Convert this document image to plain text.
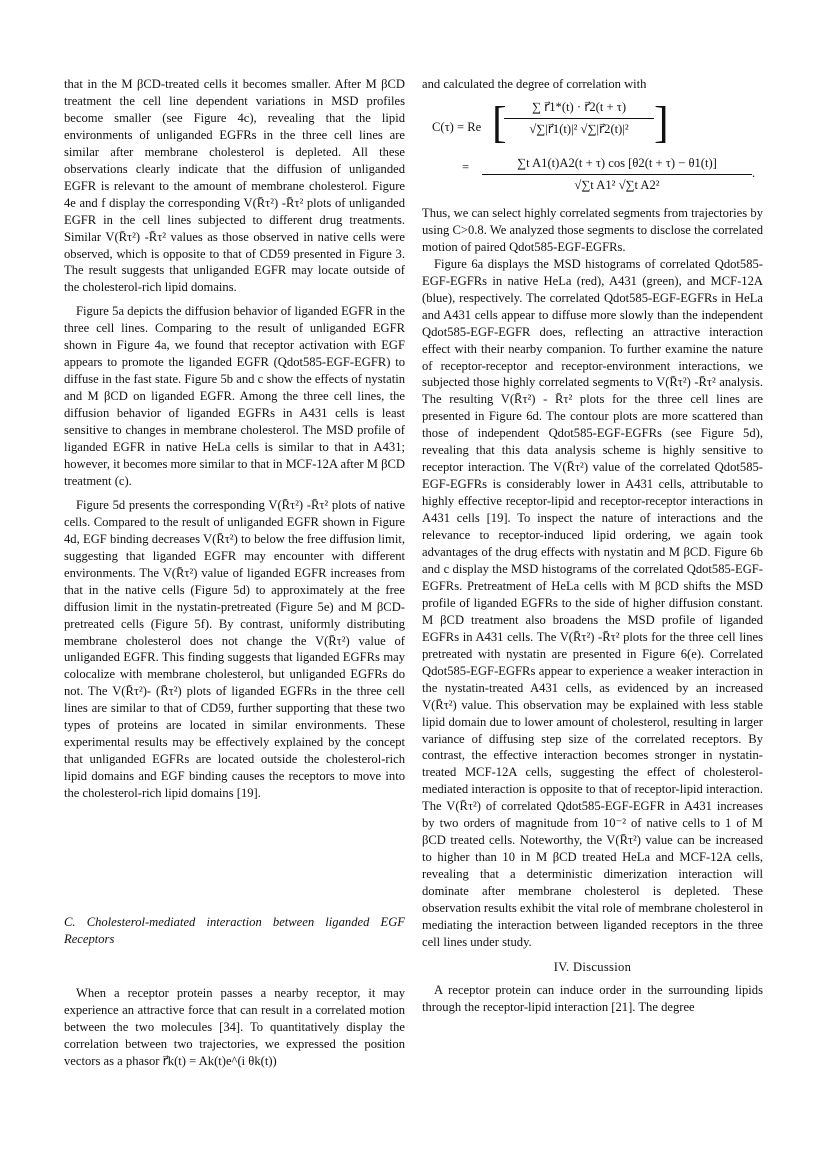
that in the M βCD-treated cells it becomes smaller. After M βCD treatment the cell line dependent variations in MSD profiles become smaller (see Figure 4c), revealing that the lipid environments of unliganded EGFRs in the three cell lines are similar after membrane cholesterol is depleted. All these observations clearly indicate that the diffusion of unliganded EGFR is relevant to the amount of membrane cholesterol. Figure 4e and f display the corresponding V(R̄τ²) -R̄τ² plots of unliganded EGFR in the cell lines subjected to different drug treatments. Similar V(R̄τ²) -R̄τ² values as those observed in native cells were observed, which is opposite to that of CD59 presented in Figure 3. The result suggests that unliganded EGFR may locate outside of the cholesterol-rich lipid domains.

Figure 5a depicts the diffusion behavior of liganded EGFR in the three cell lines. Comparing to the result of unliganded EGFR shown in Figure 4a, we found that receptor activation with EGF appears to promote the liganded EGFR (Qdot585-EGF-EGFR) to diffuse in the fast state. Figure 5b and c show the effects of nystatin and M βCD on liganded EGFR. Among the three cell lines, the diffusion behavior of liganded EGFRs in A431 cells is least sensitive to changes in membrane cholesterol. The MSD profile of liganded EGFR in native HeLa cells is similar to that in A431; however, it becomes more similar to that in MCF-12A after M βCD treatment (c).

Figure 5d presents the corresponding V(R̄τ²) -R̄τ² plots of native cells. Compared to the result of unliganded EGFR shown in Figure 4d, EGF binding decreases V(R̄τ²) to below the free diffusion limit, suggesting that liganded EGFR may encounter with different environments. The V(R̄τ²) value of liganded EGFR increases from that in the native cells (Figure 5d) to approximately at the free diffusion limit in the nystatin-pretreated (Figure 5e) and M βCD-pretreated cells (Figure 5f). By contrast, uniformly distributing membrane cholesterol does not change the V(R̄τ²) value of unliganded EGFR. This finding suggests that liganded EGFRs may colocalize with membrane cholesterol, but unliganded EGFRs do not. The V(R̄τ²)- (R̄τ²) plots of liganded EGFRs in the three cell lines are similar to that of CD59, further supporting that these two types of proteins are located in similar environments. These experimental results may be effectively explained by the concept that unliganded EGFRs are located outside the cholesterol-rich lipid domains and EGF binding causes the receptors to move into the cholesterol-rich lipid domains [19].

C. Cholesterol-mediated interaction between liganded EGF Receptors

When a receptor protein passes a nearby receptor, it may experience an attractive force that can result in a correlated motion between the two molecules [34]. To quantitatively display the correlation between two trajectories, we expressed the position vectors as a phasor r⃗k(t) = Ak(t)e^(i θk(t))

and calculated the degree of correlation with

C(τ) = Re [	∑ r⃗1*(t) · r⃗2(t + τ)
√∑|r⃗1(t)|² √∑|r⃗2(t)|² ]
=	∑t A1(t)A2(t + τ) cos [θ2(t + τ) − θ1(t)]
√∑t A1² √∑t A2²
.

Thus, we can select highly correlated segments from trajectories by using C>0.8. We analyzed those segments to disclose the correlated motion of paired Qdot585-EGF-EGFRs.

Figure 6a displays the MSD histograms of correlated Qdot585-EGF-EGFRs in native HeLa (red), A431 (green), and MCF-12A (blue), respectively. The correlated Qdot585-EGF-EGFRs in HeLa and A431 cells appear to diffuse more slowly than the independent Qdot585-EGF-EGFR does, reflecting an attractive interaction effect with their nearby companion. To further examine the nature of receptor-receptor and receptor-environment interactions, we subjected those highly correlated segments to V(R̄τ²) -R̄τ² analysis. The resulting V(R̄τ²) - R̄τ² plots for the three cell lines are presented in Figure 6d. The contour plots are more scattered than those of independent Qdot585-EGF-EGFRs (see Figure 5d), revealing that this data analysis scheme is highly sensitive to receptor interaction. The V(R̄τ²) value of the correlated Qdot585-EGF-EGFRs is considerably lower in A431 cells, attributable to highly effective receptor-lipid and receptor-receptor interactions in A431 cells [19]. To inspect the nature of interactions and the relevance to receptor-induced lipid ordering, we again took advantages of the drug effects with nystatin and M βCD. Figure 6b and c display the MSD histograms of the correlated Qdot585-EGF-EGFRs. Pretreatment of HeLa cells with M βCD shifts the MSD profile of liganded EGFRs to the side of higher diffusion constant. M βCD treatment also broadens the MSD profile of liganded EGFRs in A431 cells. The V(R̄τ²) -R̄τ² plots for the three cell lines pretreated with nystatin are presented in Figure 6(e). Correlated Qdot585-EGF-EGFRs appear to experience a weaker interaction in the nystatin-treated A431 cells, as evidenced by an increased V(R̄τ²) value. This observation may be explained with less stable lipid domain due to lower amount of cholesterol, resulting in larger variance of diffusing step size of the correlated receptors. By contrast, the effective interaction becomes stronger in nystatin-treated MCF-12A cells, suggesting the effect of cholesterol-mediated interaction is opposite to that of receptor-lipid interaction. The V(R̄τ²) of correlated Qdot585-EGF-EGFR in A431 increases by two orders of magnitude from 10⁻² of native cells to 1 of M βCD treated cells. Noteworthy, the V(R̄τ²) value can be increased to higher than 10 in M βCD treated HeLa and MCF-12A cells, revealing that a deterministic dimerization interaction will dominate after membrane cholesterol is depleted. These observation results exhibit the vital role of membrane cholesterol in mediating the interaction between liganded receptors in the three cell lines under study.

IV. Discussion

A receptor protein can induce order in the surrounding lipids through the receptor-lipid interaction [21]. The degree
